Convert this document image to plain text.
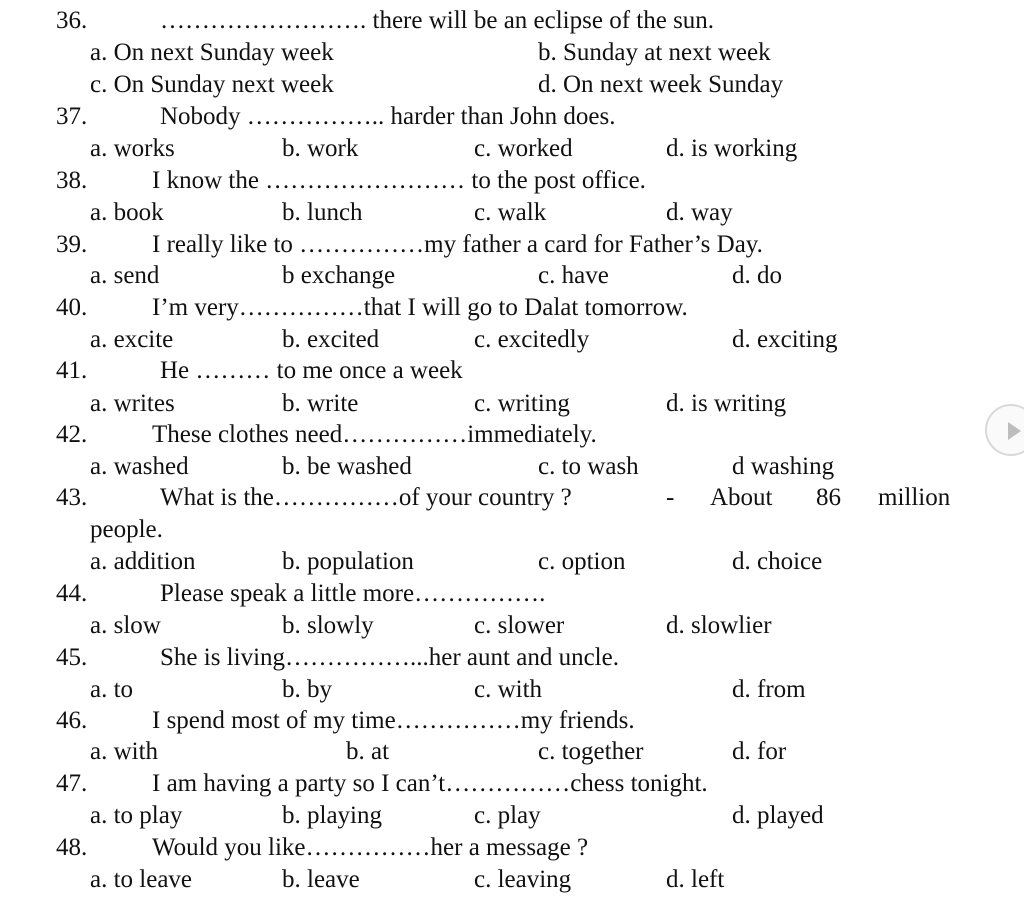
36.	……………………. there will be an eclipse of the sun.
a. On next Sunday week	b. Sunday at next week
c. On Sunday next week	d. On next week Sunday
37.	Nobody …………….. harder than John does.
a. works	b. work	c. worked	d. is working
38.	I know the …………………… to the post office.
a. book	b. lunch	c. walk	d. way
39.	I really like to ……………my father a card for Father’s Day.
a. send	b exchange	c. have	d. do
40.	I’m very……………that I will go to Dalat tomorrow.
a. excite	b. excited	c. excitedly	d. exciting
41.	He ……… to me once a week
a. writes	b. write	c. writing	d. is writing
42.	These clothes need……………immediately.
a. washed	b. be washed	c. to wash	d washing
43.	What is the……………of your country ?	- About 86 million
people.
a. addition	b. population	c. option	d. choice
44.	Please speak a little more…………….
a. slow	b. slowly	c. slower	d. slowlier
45.	She is living……………...her aunt and uncle.
a. to	b. by	c. with	d. from
46.	I spend most of my time……………my friends.
a. with	b. at	c. together	d. for
47.	I am having a party so I can’t……………chess tonight.
a. to play	b. playing	c. play	d. played
48.	Would you like……………her a message ?
a. to leave	b. leave	c. leaving	d. left
